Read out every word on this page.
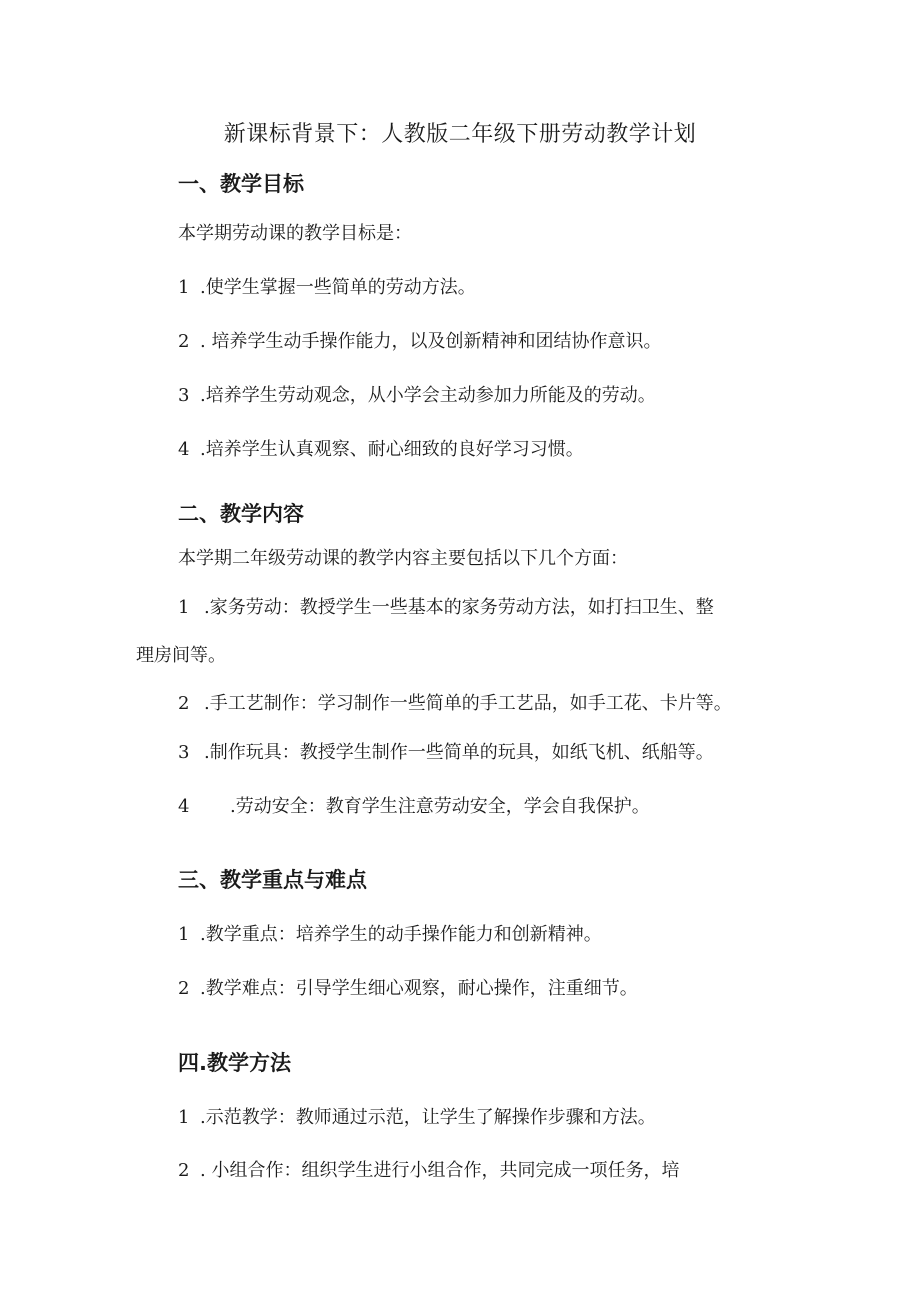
新课标背景下：人教版二年级下册劳动教学计划
一、教学目标
本学期劳动课的教学目标是：
1 .使学生掌握一些简单的劳动方法。
2 . 培养学生动手操作能力，以及创新精神和团结协作意识。
3 .培养学生劳动观念，从小学会主动参加力所能及的劳动。
4 .培养学生认真观察、耐心细致的良好学习习惯。
二、教学内容
本学期二年级劳动课的教学内容主要包括以下几个方面：
1 .家务劳动：教授学生一些基本的家务劳动方法，如打扫卫生、整
理房间等。
2 .手工艺制作：学习制作一些简单的手工艺品，如手工花、卡片等。
3 .制作玩具：教授学生制作一些简单的玩具，如纸飞机、纸船等。
4 .劳动安全：教育学生注意劳动安全，学会自我保护。
三、教学重点与难点
1 .教学重点：培养学生的动手操作能力和创新精神。
2 .教学难点：引导学生细心观察，耐心操作，注重细节。
四.教学方法
1 .示范教学：教师通过示范，让学生了解操作步骤和方法。
2 . 小组合作：组织学生进行小组合作，共同完成一项任务，培
